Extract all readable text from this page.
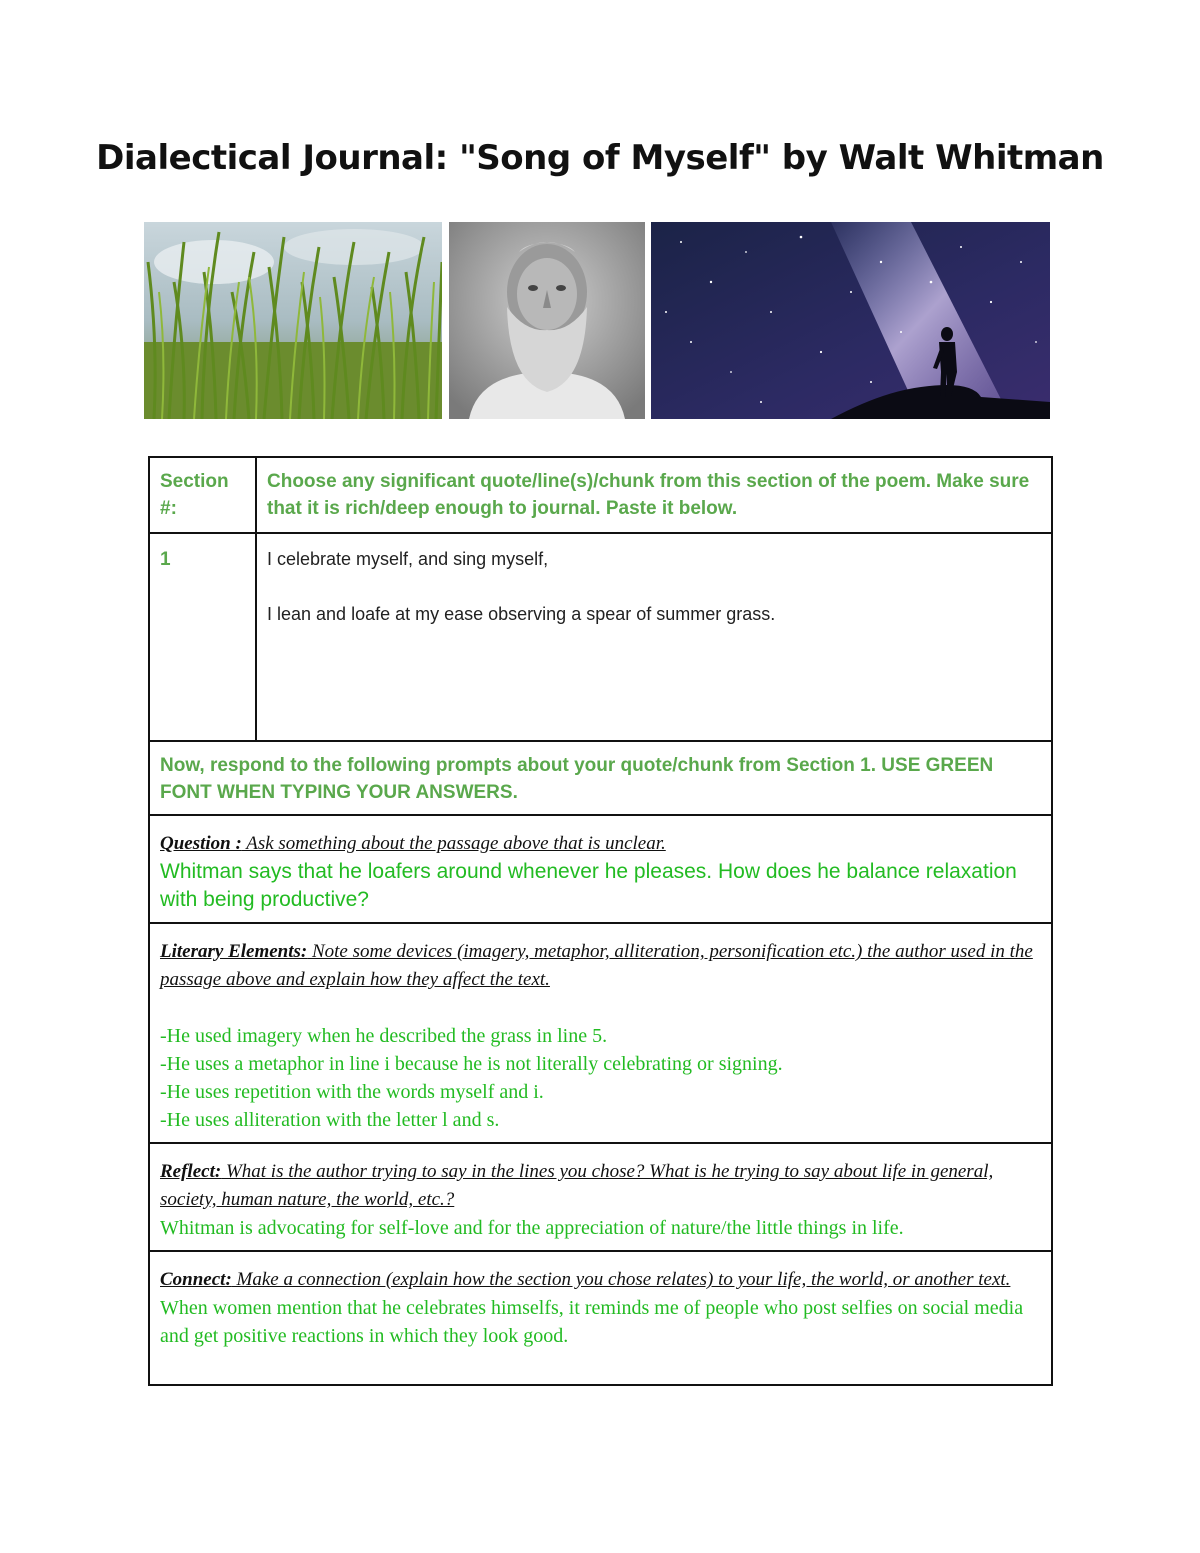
Dialectical Journal: "Song of Myself" by Walt Whitman
Section #:	Choose any significant quote/line(s)/chunk from this section of the poem. Make sure that it is rich/deep enough to journal. Paste it below.
1	I celebrate myself, and sing myself,
I lean and loafe at my ease observing a spear of summer grass.

Now, respond to the following prompts about your quote/chunk from Section 1. USE GREEN FONT WHEN TYPING YOUR ANSWERS.	

Question : Ask something about the passage above that is unclear.
Whitman says that he loafers around whenever he pleases. How does he balance relaxation with being productive?	

Literary Elements: Note some devices (imagery, metaphor, alliteration, personification etc.) the author used in the passage above and explain how they affect the text.
-He used imagery when he described the grass in line 5.
-He uses a metaphor in line i because he is not literally celebrating or signing.
-He uses repetition with the words myself and i.
-He uses alliteration with the letter l and s.	

Reflect: What is the author trying to say in the lines you chose? What is he trying to say about life in general, society, human nature, the world, etc.?
Whitman is advocating for self-love and for the appreciation of nature/the little things in life.	

Connect: Make a connection (explain how the section you chose relates) to your life, the world, or another text.
When women mention that he celebrates himselfs, it reminds me of people who post selfies on social media and get positive reactions in which they look good.	
